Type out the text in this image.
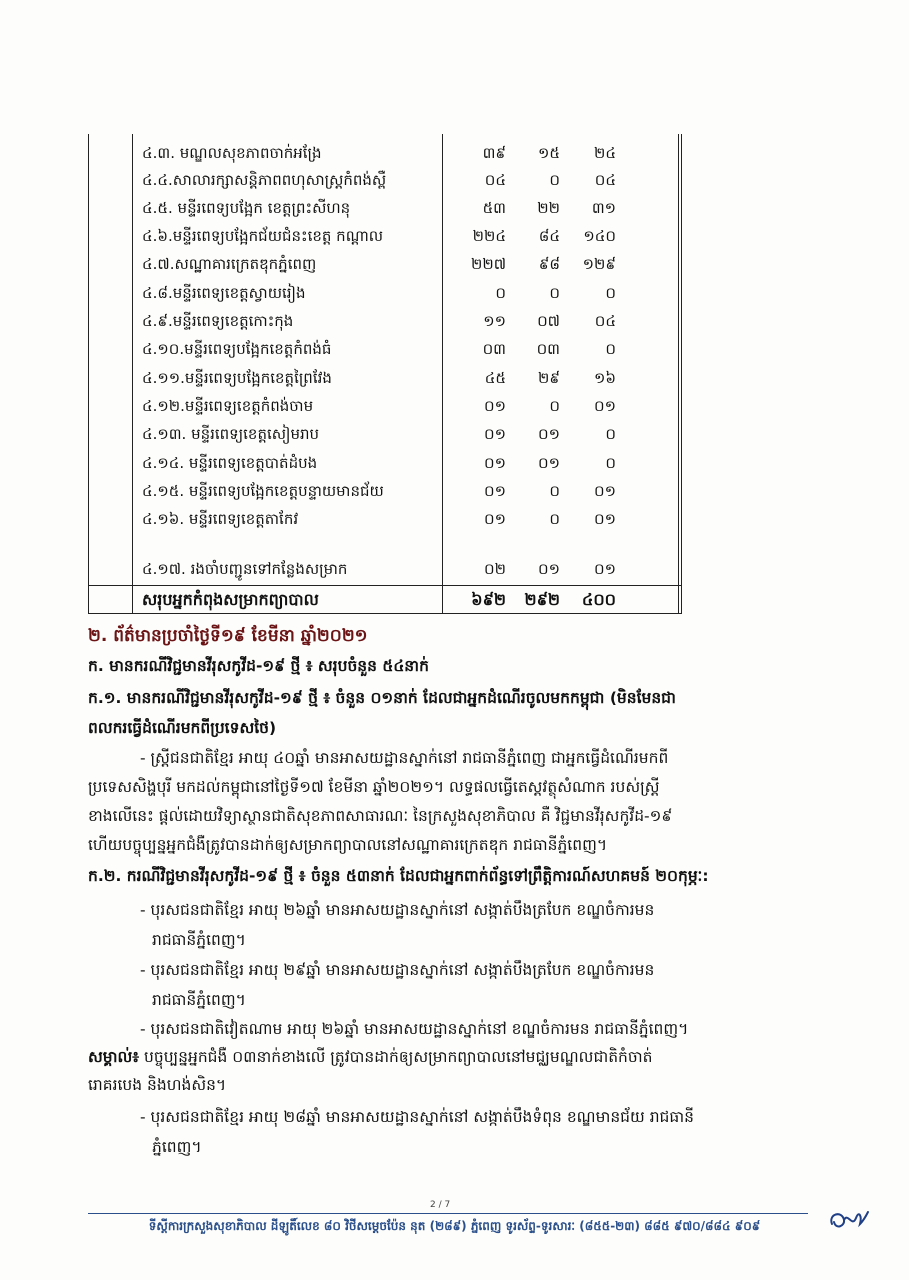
៤.៣. មណ្ឌលសុខភាពចាក់អង្រែ	៣៩	១៥	២៤
៤.៤.សាលារក្សាសន្តិភាពពហុសាស្ត្រកំពង់ស្ពឺ	០៤	០	០៤
៤.៥. មន្ទីរពេទ្យបង្អែក ខេត្តព្រះសីហនុ	៥៣	២២	៣១
៤.៦.មន្ទីរពេទ្យបង្អែកជ័យជំនះខេត្ត កណ្តាល	២២៤	៨៤	១៤០
៤.៧.សណ្ឋាគារក្រេតឌុកភ្នំពេញ	២២៧	៩៨	១២៩
៤.៨.មន្ទីរពេទ្យខេត្តស្វាយរៀង	០	០	០
៤.៩.មន្ទីរពេទ្យខេត្តកោះកុង	១១	០៧	០៤
៤.១០.មន្ទីរពេទ្យបង្អែកខេត្តកំពង់ធំ	០៣	០៣	០
៤.១១.មន្ទីរពេទ្យបង្អែកខេត្តព្រៃវែង	៤៥	២៩	១៦
៤.១២.មន្ទីរពេទ្យខេត្តកំពង់ចាម	០១	០	០១
៤.១៣. មន្ទីរពេទ្យខេត្តសៀមរាប	០១	០១	០
៤.១៤. មន្ទីរពេទ្យខេត្តបាត់ដំបង	០១	០១	០
៤.១៥. មន្ទីរពេទ្យបង្អែកខេត្តបន្ទាយមានជ័យ	០១	០	០១
៤.១៦. មន្ទីរពេទ្យខេត្តតាកែវ	០១	០	០១
៤.១៧. រងចាំបញ្ជូនទៅកន្លែងសម្រាក	០២	០១	០១
សរុបអ្នកកំពុងសម្រាកព្យាបាល	៦៩២	២៩២	៤០០
២. ព័ត៌មានប្រចាំថ្ងៃទី១៩ ខែមីនា ឆ្នាំ២០២១
ក. មានករណីវិជ្ជមានវីរុសកូវីដ-១៩ ថ្មី ៖ សរុបចំនួន ៥៤នាក់
ក.១. មានករណីវិជ្ជមានវីរុសកូវីដ-១៩ ថ្មី ៖ ចំនួន ០១នាក់ ដែលជាអ្នកដំណើរចូលមកកម្ពុជា (មិនមែនជា
ពលករធ្វើដំណើរមកពីប្រទេសថៃ)
- ស្ត្រីជនជាតិខ្មែរ អាយុ ៤០ឆ្នាំ មានអាសយដ្ឋានស្នាក់នៅ រាជធានីភ្នំពេញ ជាអ្នកធ្វើដំណើរមកពី
ប្រទេសសិង្ហបុរី មកដល់កម្ពុជានៅថ្ងៃទី១៧ ខែមីនា ឆ្នាំ២០២១។ លទ្ធផលធ្វើតេស្តវត្ថុសំណាក របស់ស្ត្រី
ខាងលើនេះ ផ្តល់ដោយវិទ្យាស្ថានជាតិសុខភាពសាធារណៈ នៃក្រសួងសុខាភិបាល គឺ វិជ្ជមានវីរុសកូវីដ-១៩
ហើយបច្ចុប្បន្នអ្នកជំងឺត្រូវបានដាក់ឲ្យសម្រាកព្យាបាលនៅសណ្ឋាគារក្រេតឌុក រាជធានីភ្នំពេញ។
ក.២. ករណីវិជ្ជមានវីរុសកូវីដ-១៩ ថ្មី ៖ ចំនួន ៥៣នាក់ ដែលជាអ្នកពាក់ព័ន្ធទៅព្រឹត្តិការណ៍សហគមន៍ ២០កុម្ភៈ:
- បុរសជនជាតិខ្មែរ អាយុ ២៦ឆ្នាំ មានអាសយដ្ឋានស្នាក់នៅ សង្កាត់បឹងត្របែក ខណ្ឌចំការមន
រាជធានីភ្នំពេញ។
- បុរសជនជាតិខ្មែរ អាយុ ២៩ឆ្នាំ មានអាសយដ្ឋានស្នាក់នៅ សង្កាត់បឹងត្របែក ខណ្ឌចំការមន
រាជធានីភ្នំពេញ។
- បុរសជនជាតិវៀតណាម អាយុ ២៦ឆ្នាំ មានអាសយដ្ឋានស្នាក់នៅ ខណ្ឌចំការមន រាជធានីភ្នំពេញ។
សម្គាល់៖ បច្ចុប្បន្នអ្នកជំងឺ ០៣នាក់ខាងលើ ត្រូវបានដាក់ឲ្យសម្រាកព្យាបាលនៅមជ្ឈមណ្ឌលជាតិកំចាត់
រោគរបេង និងហង់សិន។
- បុរសជនជាតិខ្មែរ អាយុ ២៨ឆ្នាំ មានអាសយដ្ឋានស្នាក់នៅ សង្កាត់បឹងទំពុន ខណ្ឌមានជ័យ រាជធានី
ភ្នំពេញ។
2 / 7
ទីស្តីការក្រសួងសុខាភិបាល ដីឡូតិ៍លេខ ៨០ វិថីសម្តេចប៉ែន នុត (២៨៩) ភ្នំពេញ ទូរស័ព្ទ-ទូរសារៈ (៨៥៥-២៣) ៨៨៥ ៩៧០/៨៨៤ ៩០៩
